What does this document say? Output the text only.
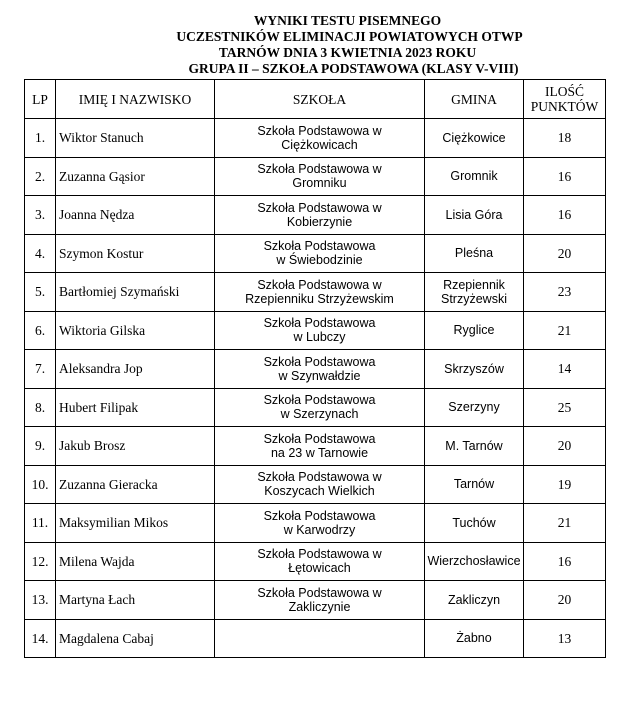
WYNIKI TESTU PISEMNEGO
UCZESTNIKÓW ELIMINACJI POWIATOWYCH OTWP
TARNÓW DNIA 3 KWIETNIA 2023 ROKU
GRUPA II – SZKOŁA PODSTAWOWA (KLASY V-VIII)
LP	IMIĘ I NAZWISKO	SZKOŁA	GMINA	ILOŚĆ
PUNKTÓW
1.	Wiktor Stanuch	Szkoła Podstawowa w
Ciężkowicach	Ciężkowice	18
2.	Zuzanna Gąsior	Szkoła Podstawowa w
Gromniku	Gromnik	16
3.	Joanna Nędza	Szkoła Podstawowa w
Kobierzynie	Lisia Góra	16
4.	Szymon Kostur	Szkoła Podstawowa
w Świebodzinie	Pleśna	20
5.	Bartłomiej Szymański	Szkoła Podstawowa w
Rzepienniku Strzyżewskim	Rzepiennik
Strzyżewski	23
6.	Wiktoria Gilska	Szkoła Podstawowa
w Lubczy	Ryglice	21
7.	Aleksandra Jop	Szkoła Podstawowa
w Szynwałdzie	Skrzyszów	14
8.	Hubert Filipak	Szkoła Podstawowa
w Szerzynach	Szerzyny	25
9.	Jakub Brosz	Szkoła Podstawowa
na 23 w Tarnowie	M. Tarnów	20
10.	Zuzanna Gieracka	Szkoła Podstawowa w
Koszycach Wielkich	Tarnów	19
11.	Maksymilian Mikos	Szkoła Podstawowa
w Karwodrzy	Tuchów	21
12.	Milena Wajda	Szkoła Podstawowa w
Łętowicach	Wierzchosławice	16
13.	Martyna Łach	Szkoła Podstawowa w
Zakliczynie	Zakliczyn	20
14.	Magdalena Cabaj		Żabno	13
